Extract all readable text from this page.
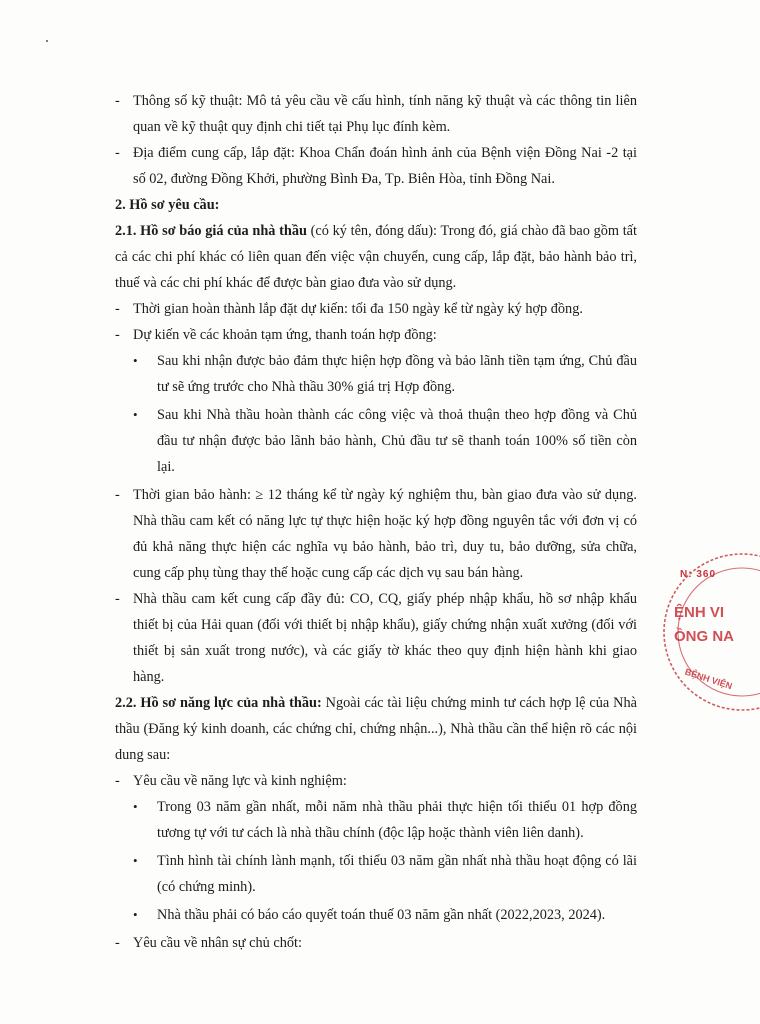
- Thông số kỹ thuật: Mô tả yêu cầu về cấu hình, tính năng kỹ thuật và các thông tin liên quan về kỹ thuật quy định chi tiết tại Phụ lục đính kèm.
- Địa điểm cung cấp, lắp đặt: Khoa Chẩn đoán hình ảnh của Bệnh viện Đồng Nai -2 tại số 02, đường Đồng Khởi, phường Bình Đa, Tp. Biên Hòa, tỉnh Đồng Nai.
2. Hồ sơ yêu cầu:
2.1. Hồ sơ báo giá của nhà thầu (có ký tên, đóng dấu): Trong đó, giá chào đã bao gồm tất cả các chi phí khác có liên quan đến việc vận chuyển, cung cấp, lắp đặt, bảo hành bảo trì, thuế và các chi phí khác để được bàn giao đưa vào sử dụng.
- Thời gian hoàn thành lắp đặt dự kiến: tối đa 150 ngày kể từ ngày ký hợp đồng.
- Dự kiến về các khoản tạm ứng, thanh toán hợp đồng:
• Sau khi nhận được bảo đảm thực hiện hợp đồng và bảo lãnh tiền tạm ứng, Chủ đầu tư sẽ ứng trước cho Nhà thầu 30% giá trị Hợp đồng.
• Sau khi Nhà thầu hoàn thành các công việc và thoả thuận theo hợp đồng và Chủ đầu tư nhận được bảo lãnh bảo hành, Chủ đầu tư sẽ thanh toán 100% số tiền còn lại.
- Thời gian bảo hành: ≥ 12 tháng kể từ ngày ký nghiệm thu, bàn giao đưa vào sử dụng. Nhà thầu cam kết có năng lực tự thực hiện hoặc ký hợp đồng nguyên tắc với đơn vị có đủ khả năng thực hiện các nghĩa vụ bảo hành, bảo trì, duy tu, bảo dưỡng, sửa chữa, cung cấp phụ tùng thay thế hoặc cung cấp các dịch vụ sau bán hàng.
- Nhà thầu cam kết cung cấp đầy đủ: CO, CQ, giấy phép nhập khẩu, hồ sơ nhập khẩu thiết bị của Hải quan (đối với thiết bị nhập khẩu), giấy chứng nhận xuất xưởng (đối với thiết bị sản xuất trong nước), và các giấy tờ khác theo quy định hiện hành khi giao hàng.
2.2. Hồ sơ năng lực của nhà thầu: Ngoài các tài liệu chứng minh tư cách hợp lệ của Nhà thầu (Đăng ký kinh doanh, các chứng chỉ, chứng nhận...), Nhà thầu cần thể hiện rõ các nội dung sau:
- Yêu cầu về năng lực và kinh nghiệm:
• Trong 03 năm gần nhất, mỗi năm nhà thầu phải thực hiện tối thiểu 01 hợp đồng tương tự với tư cách là nhà thầu chính (độc lập hoặc thành viên liên danh).
• Tình hình tài chính lành mạnh, tối thiểu 03 năm gần nhất nhà thầu hoạt động có lãi (có chứng minh).
• Nhà thầu phải có báo cáo quyết toán thuế 03 năm gần nhất (2022,2023, 2024).
- Yêu cầu về nhân sự chủ chốt:
N: 360
ỆNH VI
ỒNG NA
BỆNH VIỆN
